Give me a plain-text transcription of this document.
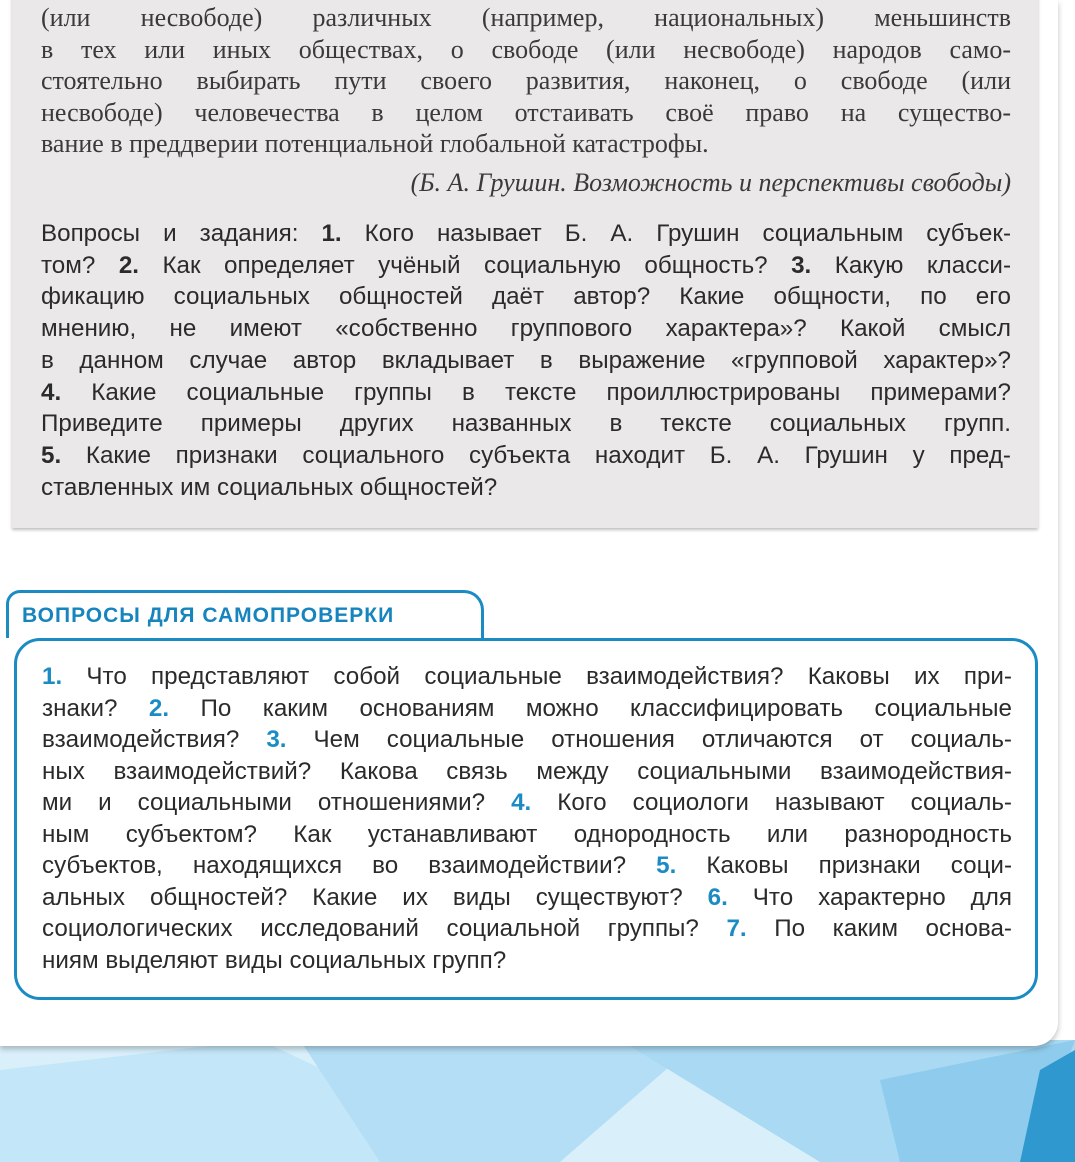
(или несвободе) различных (например, национальных) меньшинств
в тех или иных обществах, о свободе (или несвободе) народов само-
стоятельно выбирать пути своего развития, наконец, о свободе (или
несвободе) человечества в целом отстаивать своё право на существо-
вание в преддверии потенциальной глобальной катастрофы.
(Б. А. Грушин. Возможность и перспективы свободы)
Вопросы и задания: 1. Кого называет Б. А. Грушин социальным субъек-
том? 2. Как определяет учёный социальную общность? 3. Какую класси-
фикацию социальных общностей даёт автор? Какие общности, по его
мнению, не имеют «собственно группового характера»? Какой смысл
в данном случае автор вкладывает в выражение «групповой характер»?
4. Какие социальные группы в тексте проиллюстрированы примерами?
Приведите примеры других названных в тексте социальных групп.
5. Какие признаки социального субъекта находит Б. А. Грушин у пред-
ставленных им социальных общностей?
ВОПРОСЫ ДЛЯ САМОПРОВЕРКИ
1. Что представляют собой социальные взаимодействия? Каковы их при-
знаки? 2. По каким основаниям можно классифицировать социальные
взаимодействия? 3. Чем социальные отношения отличаются от социаль-
ных взаимодействий? Какова связь между социальными взаимодействия-
ми и социальными отношениями? 4. Кого социологи называют социаль-
ным субъектом? Как устанавливают однородность или разнородность
субъектов, находящихся во взаимодействии? 5. Каковы признаки соци-
альных общностей? Какие их виды существуют? 6. Что характерно для
социологических исследований социальной группы? 7. По каким основа-
ниям выделяют виды социальных групп?
